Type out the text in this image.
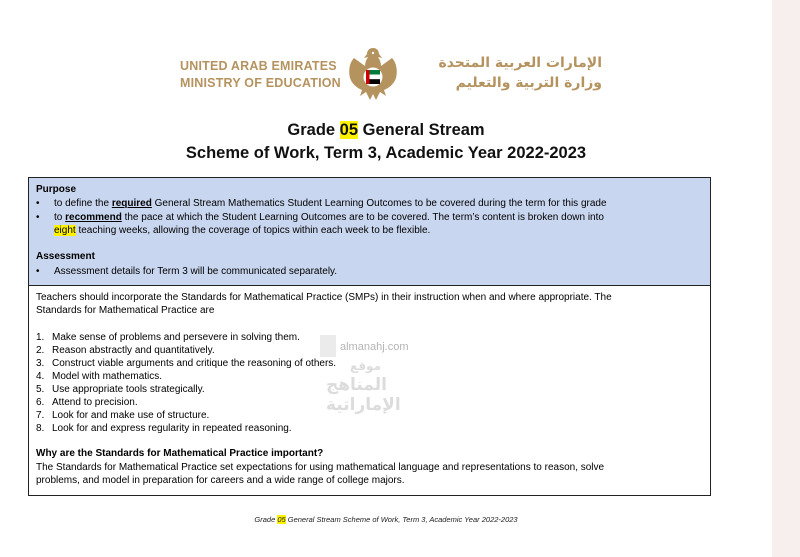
UNITED ARAB EMIRATES
MINISTRY OF EDUCATION
الإمارات العربية المتحدة
وزارة التربية والتعليم
Grade 05 General Stream
Scheme of Work, Term 3, Academic Year 2022-2023
Purpose
• to define the required General Stream Mathematics Student Learning Outcomes to be covered during the term for this grade
• to recommend the pace at which the Student Learning Outcomes are to be covered. The term’s content is broken down into
eight teaching weeks, allowing the coverage of topics within each week to be flexible.
Assessment
• Assessment details for Term 3 will be communicated separately.
Teachers should incorporate the Standards for Mathematical Practice (SMPs) in their instruction when and where appropriate. The
Standards for Mathematical Practice are
1. Make sense of problems and persevere in solving them.
2. Reason abstractly and quantitatively.
3. Construct viable arguments and critique the reasoning of others.
4. Model with mathematics.
5. Use appropriate tools strategically.
6. Attend to precision.
7. Look for and make use of structure.
8. Look for and express regularity in repeated reasoning.
Why are the Standards for Mathematical Practice important?
The Standards for Mathematical Practice set expectations for using mathematical language and representations to reason, solve
problems, and model in preparation for careers and a wide range of college majors.
almanahj.com
موقع
المناهج الإماراتية
Grade 05 General Stream Scheme of Work, Term 3, Academic Year 2022-2023
